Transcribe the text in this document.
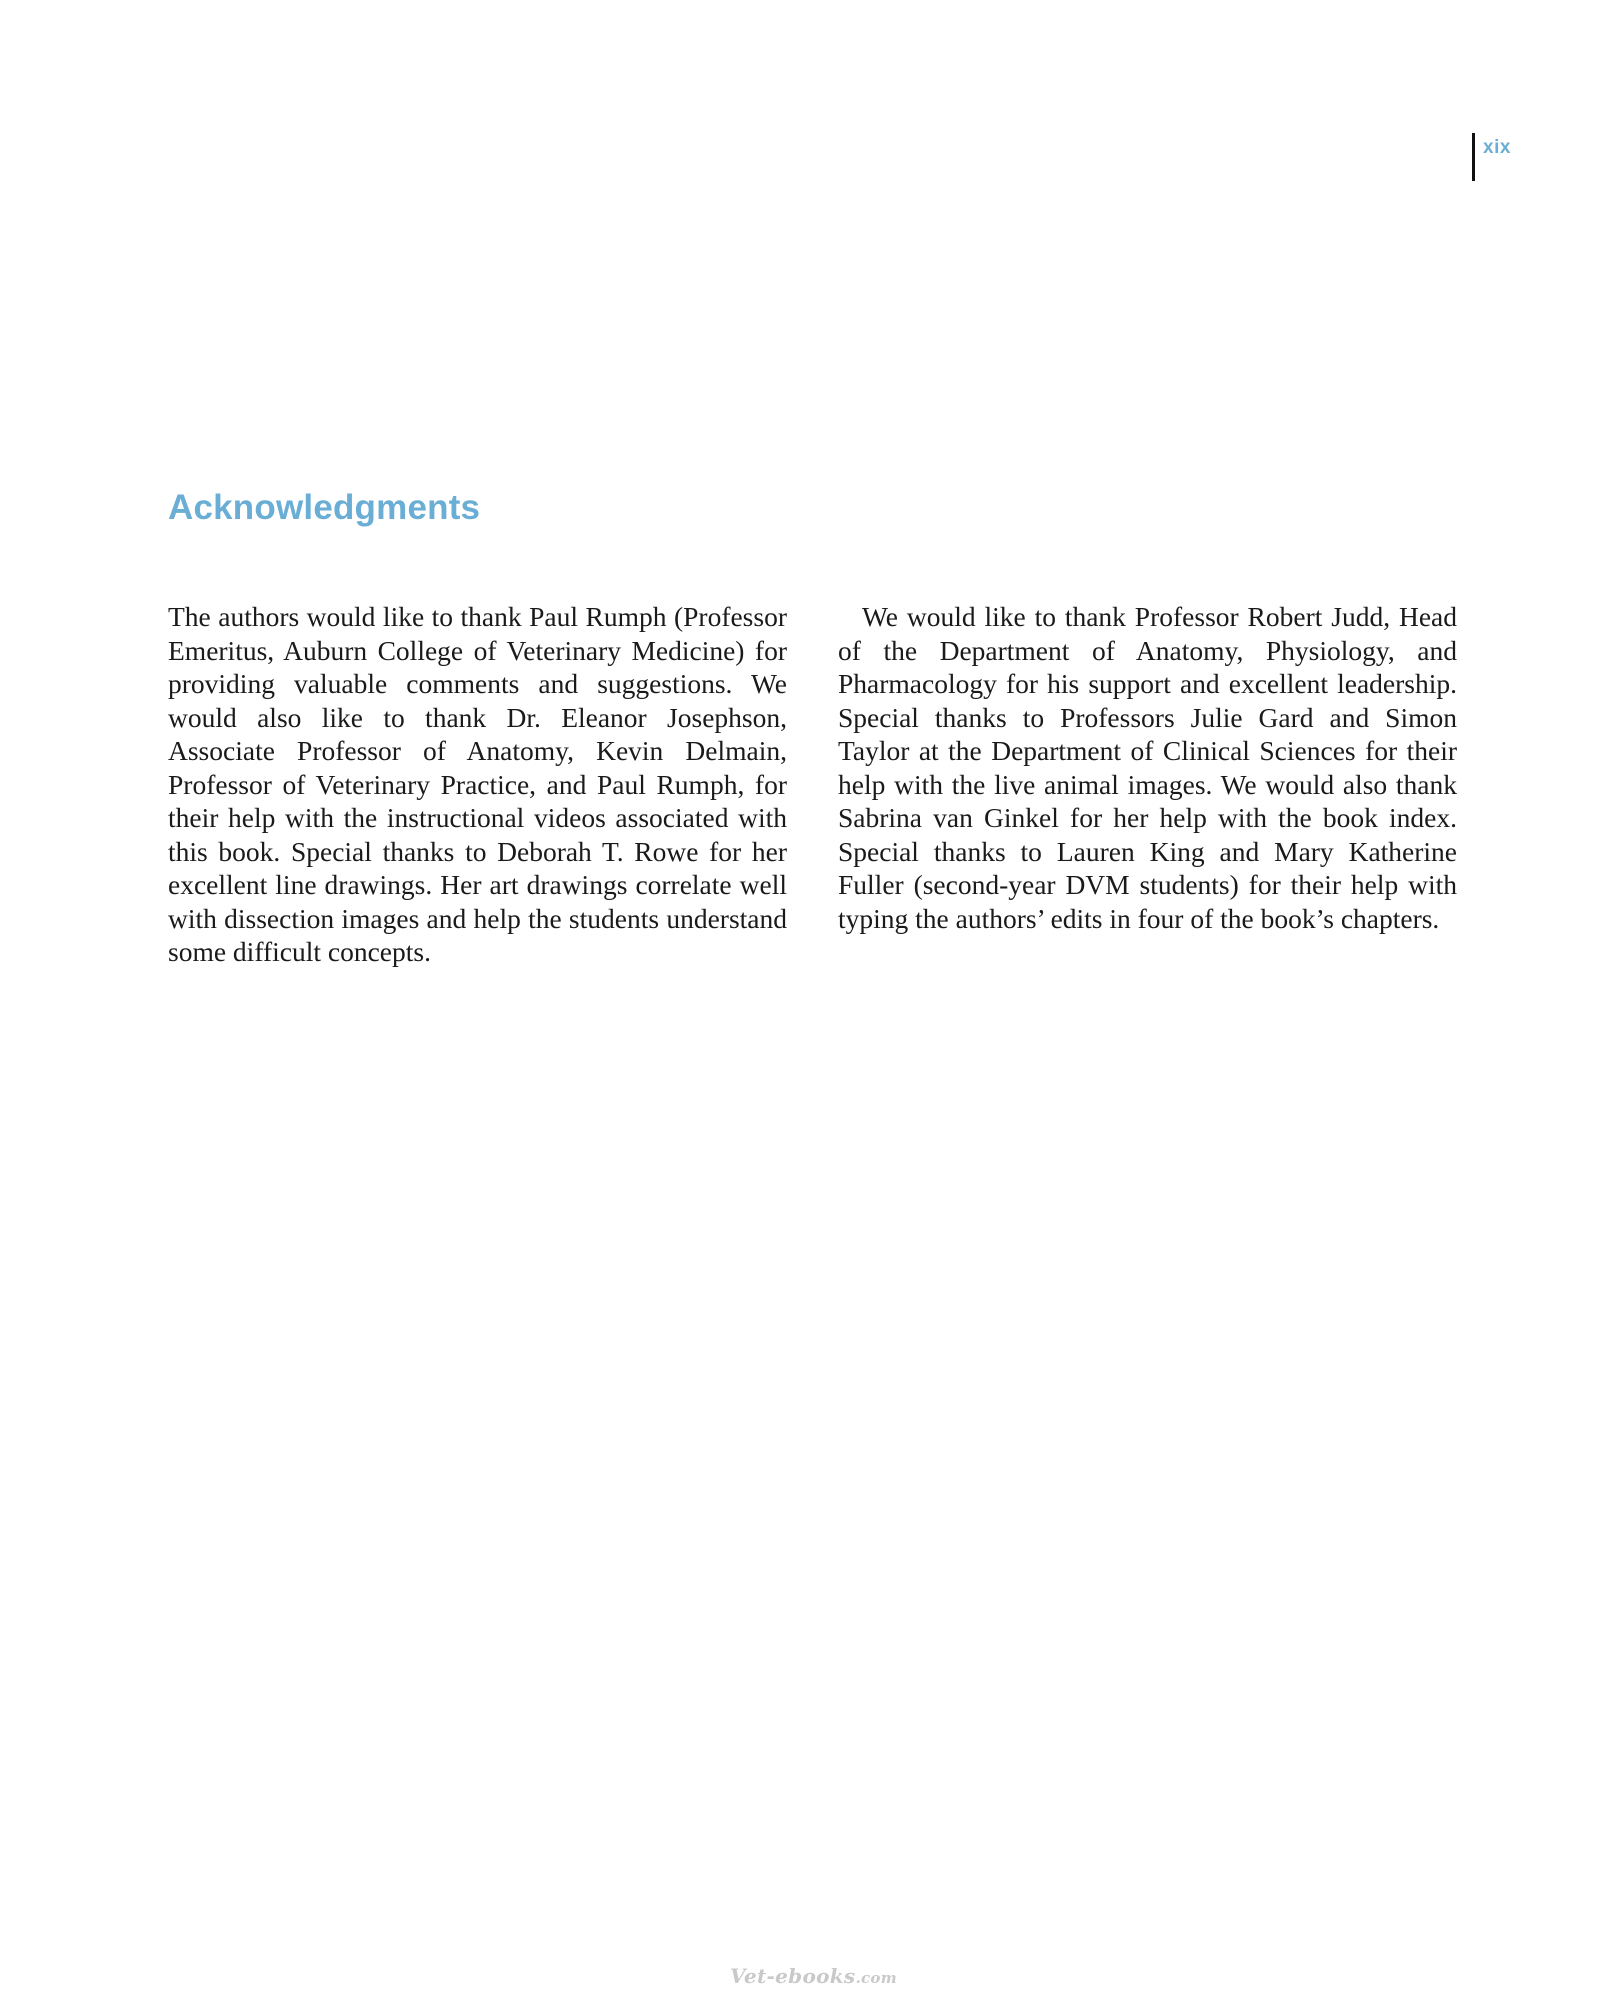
xix
Acknowledgments

The authors would like to thank Paul Rumph (Professor Emeritus, Auburn College of Veterinary Medicine) for providing valuable comments and suggestions. We would also like to thank Dr. Eleanor Josephson, Associate Professor of Anatomy, Kevin Delmain, Professor of Veterinary Practice, and Paul Rumph, for their help with the instructional videos associated with this book. Special thanks to Deborah T. Rowe for her excellent line drawings. Her art drawings correlate well with dissection images and help the students understand some difficult concepts.

We would like to thank Professor Robert Judd, Head of the Department of Anatomy, Physiology, and Pharmacology for his support and excellent leadership. Special thanks to Professors Julie Gard and Simon Taylor at the Department of Clinical Sciences for their help with the live animal images. We would also thank Sabrina van Ginkel for her help with the book index. Special thanks to Lauren King and Mary Katherine Fuller (second-year DVM students) for their help with typing the authors’ edits in four of the book’s chapters.

Vet-ebooks.com
